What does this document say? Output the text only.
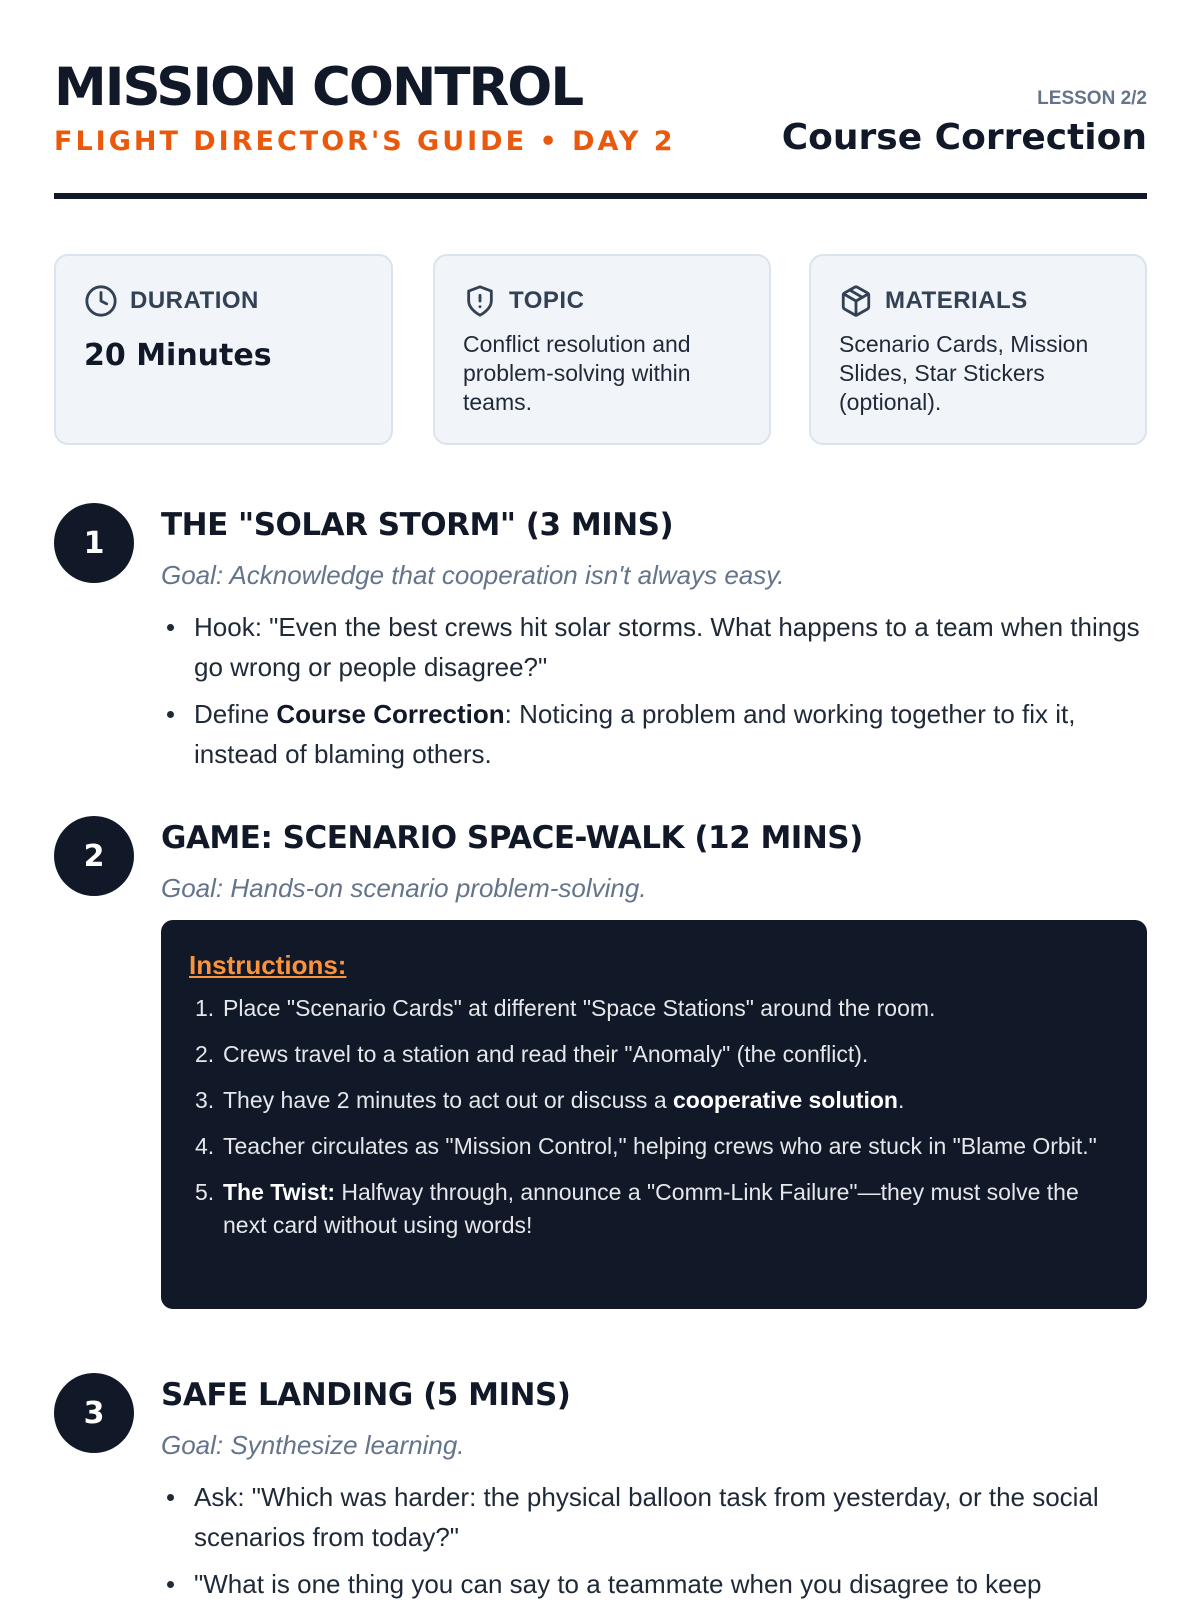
MISSION CONTROL
FLIGHT DIRECTOR'S GUIDE • DAY 2
LESSON 2/2
Course Correction
DURATION
20 Minutes
TOPIC
Conflict resolution and problem-solving within teams.
MATERIALS
Scenario Cards, Mission Slides, Star Stickers (optional).
1	THE "SOLAR STORM" (3 MINS)
Goal: Acknowledge that cooperation isn't always easy.
Hook: "Even the best crews hit solar storms. What happens to a team when things go wrong or people disagree?"
Define Course Correction: Noticing a problem and working together to fix it, instead of blaming others.
2	GAME: SCENARIO SPACE-WALK (12 MINS)
Goal: Hands-on scenario problem-solving.
Instructions:
1. Place "Scenario Cards" at different "Space Stations" around the room.
2. Crews travel to a station and read their "Anomaly" (the conflict).
3. They have 2 minutes to act out or discuss a cooperative solution.
4. Teacher circulates as "Mission Control," helping crews who are stuck in "Blame Orbit."
5. The Twist: Halfway through, announce a "Comm-Link Failure"—they must solve the next card without using words!
3	SAFE LANDING (5 MINS)
Goal: Synthesize learning.
Ask: "Which was harder: the physical balloon task from yesterday, or the social scenarios from today?"
"What is one thing you can say to a teammate when you disagree to keep
